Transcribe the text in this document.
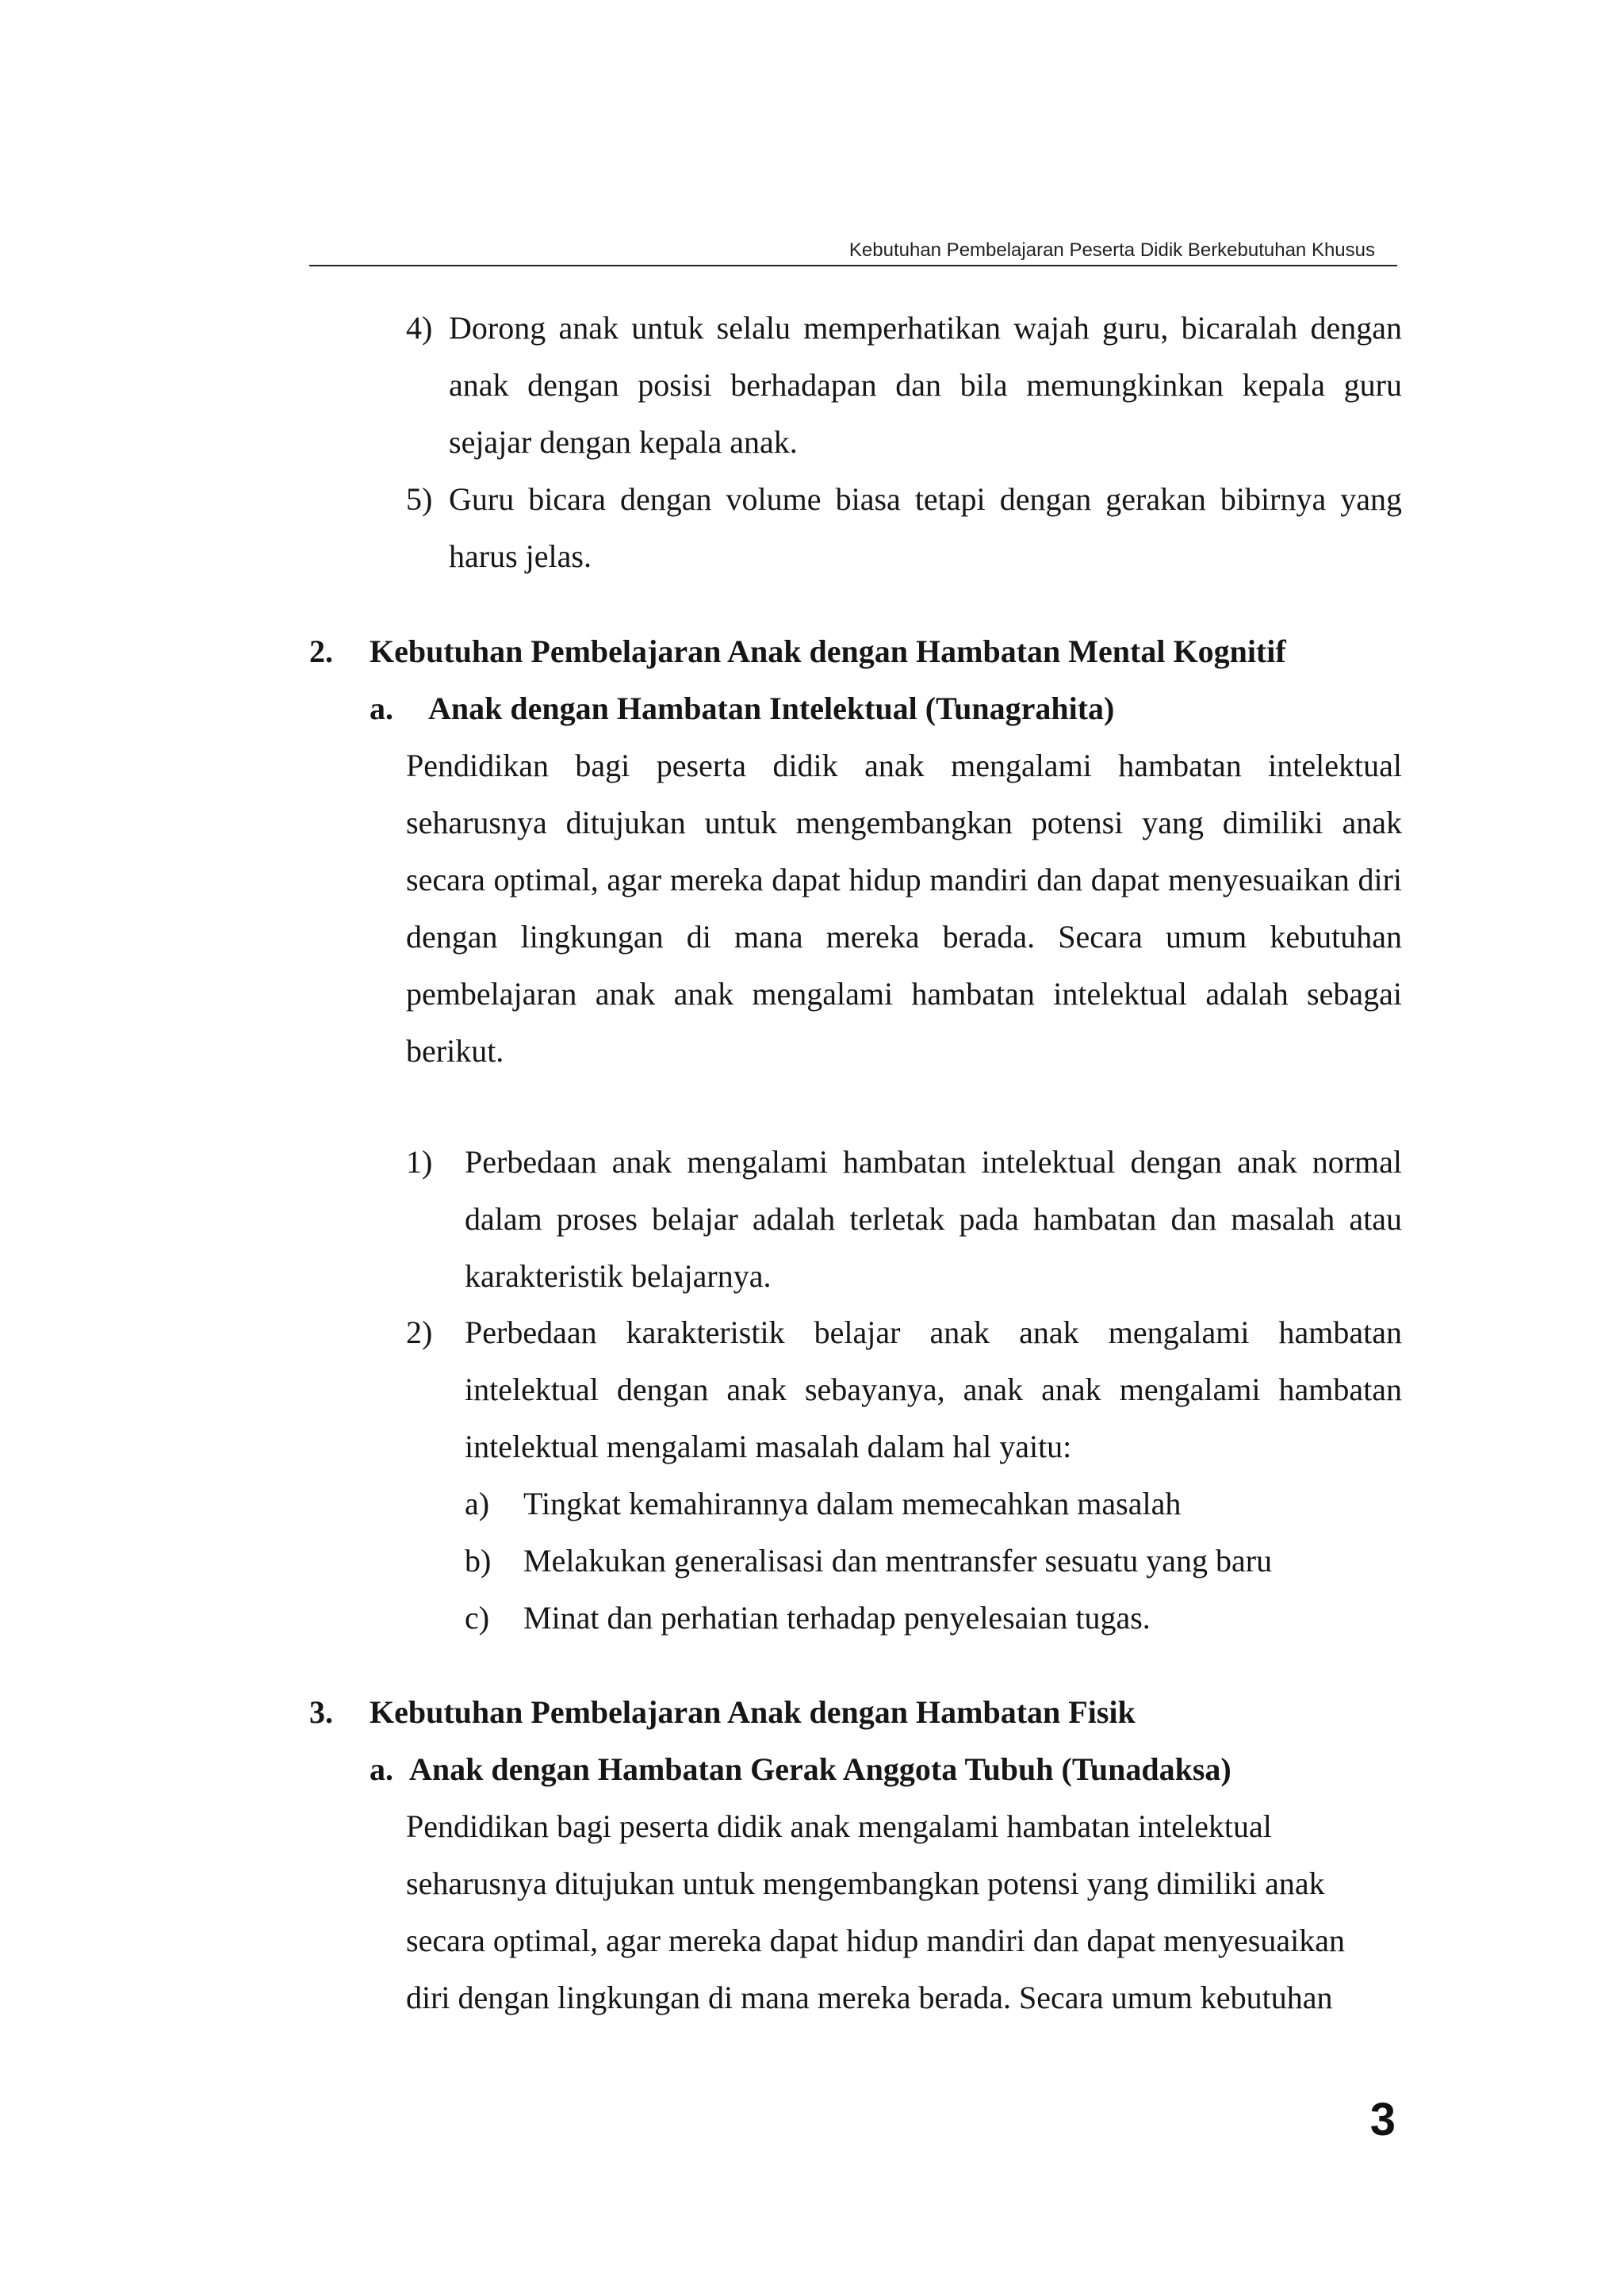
Kebutuhan Pembelajaran Peserta Didik Berkebutuhan Khusus
4) Dorong anak untuk selalu memperhatikan wajah guru, bicaralah dengan anak dengan posisi berhadapan dan bila memungkinkan kepala guru sejajar dengan kepala anak.
5) Guru bicara dengan volume biasa tetapi dengan gerakan bibirnya yang harus jelas.
2.	Kebutuhan Pembelajaran Anak dengan Hambatan Mental Kognitif
a.	Anak dengan Hambatan Intelektual (Tunagrahita)
Pendidikan bagi peserta didik anak mengalami hambatan intelektual seharusnya ditujukan untuk mengembangkan potensi yang dimiliki anak secara optimal, agar mereka dapat hidup mandiri dan dapat menyesuaikan diri dengan lingkungan di mana mereka berada. Secara umum kebutuhan pembelajaran anak anak mengalami hambatan intelektual adalah sebagai berikut.
1)	Perbedaan anak mengalami hambatan intelektual dengan anak normal dalam proses belajar adalah terletak pada hambatan dan masalah atau karakteristik belajarnya.
2)	Perbedaan karakteristik belajar anak anak mengalami hambatan intelektual dengan anak sebayanya, anak anak mengalami hambatan intelektual mengalami masalah dalam hal yaitu:
a)	Tingkat kemahirannya dalam memecahkan masalah
b)	Melakukan generalisasi dan mentransfer sesuatu yang baru
c)	Minat dan perhatian terhadap penyelesaian tugas.
3.	Kebutuhan Pembelajaran Anak dengan Hambatan Fisik
a. Anak dengan Hambatan Gerak Anggota Tubuh (Tunadaksa)
Pendidikan bagi peserta didik anak mengalami hambatan intelektual
seharusnya ditujukan untuk mengembangkan potensi yang dimiliki anak
secara optimal, agar mereka dapat hidup mandiri dan dapat menyesuaikan
diri dengan lingkungan di mana mereka berada. Secara umum kebutuhan
3
